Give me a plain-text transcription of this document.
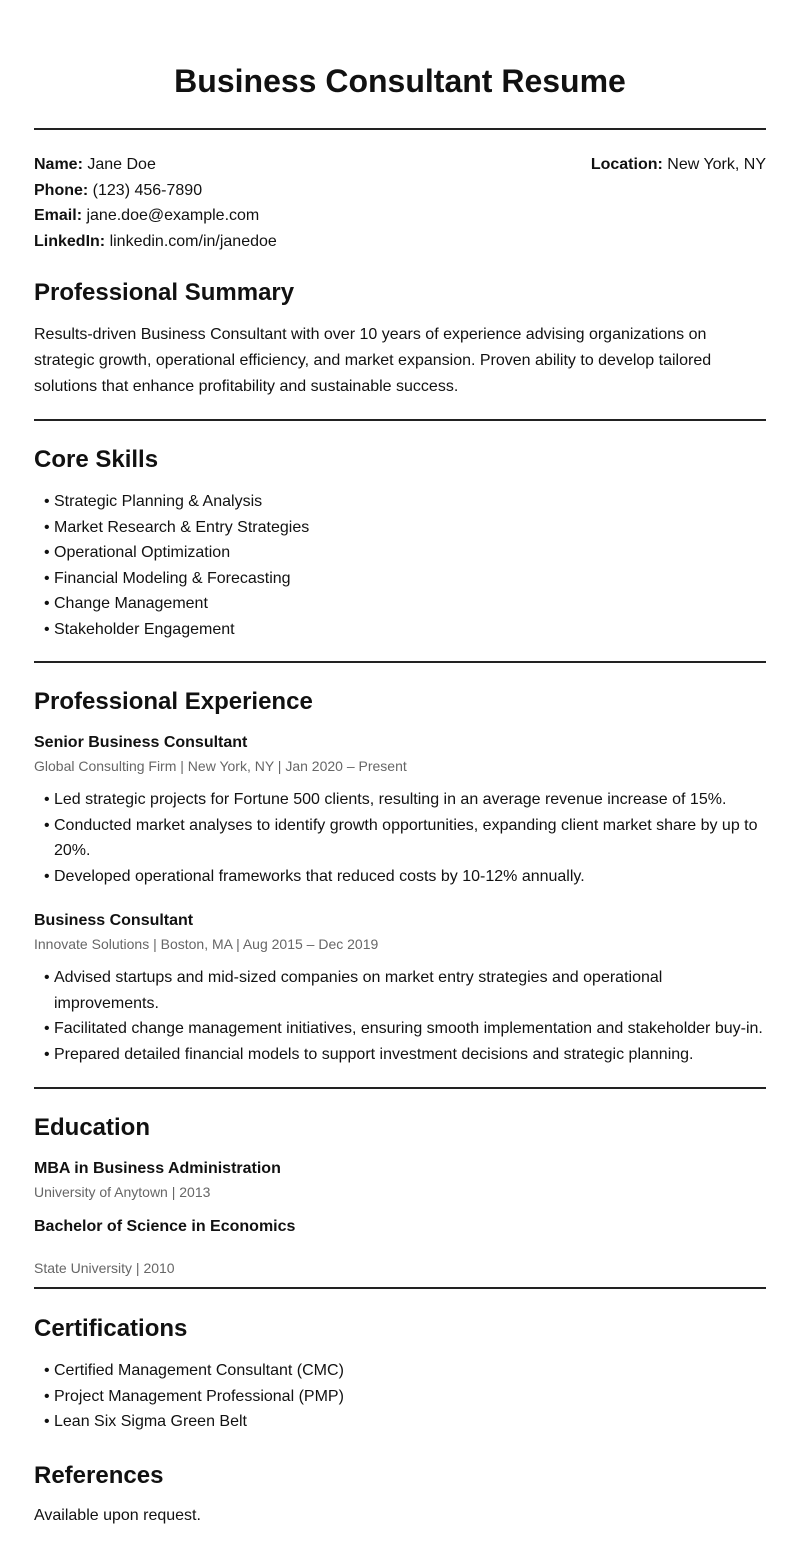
Business Consultant Resume
Name: Jane Doe
Phone: (123) 456-7890
Email: jane.doe@example.com
LinkedIn: linkedin.com/in/janedoe
Location: New York, NY
Professional Summary

Results-driven Business Consultant with over 10 years of experience advising organizations on strategic growth, operational efficiency, and market expansion. Proven ability to develop tailored solutions that enhance profitability and sustainable success.

Core Skills
• Strategic Planning & Analysis
• Market Research & Entry Strategies
• Operational Optimization
• Financial Modeling & Forecasting
• Change Management
• Stakeholder Engagement
Professional Experience
Senior Business Consultant
Global Consulting Firm | New York, NY | Jan 2020 – Present
• Led strategic projects for Fortune 500 clients, resulting in an average revenue increase of 15%.
• Conducted market analyses to identify growth opportunities, expanding client market share by up to 20%.
• Developed operational frameworks that reduced costs by 10-12% annually.
Business Consultant
Innovate Solutions | Boston, MA | Aug 2015 – Dec 2019
• Advised startups and mid-sized companies on market entry strategies and operational improvements.
• Facilitated change management initiatives, ensuring smooth implementation and stakeholder buy-in.
• Prepared detailed financial models to support investment decisions and strategic planning.
Education
MBA in Business Administration
University of Anytown | 2013
Bachelor of Science in Economics
State University | 2010
Certifications
• Certified Management Consultant (CMC)
• Project Management Professional (PMP)
• Lean Six Sigma Green Belt
References

Available upon request.
